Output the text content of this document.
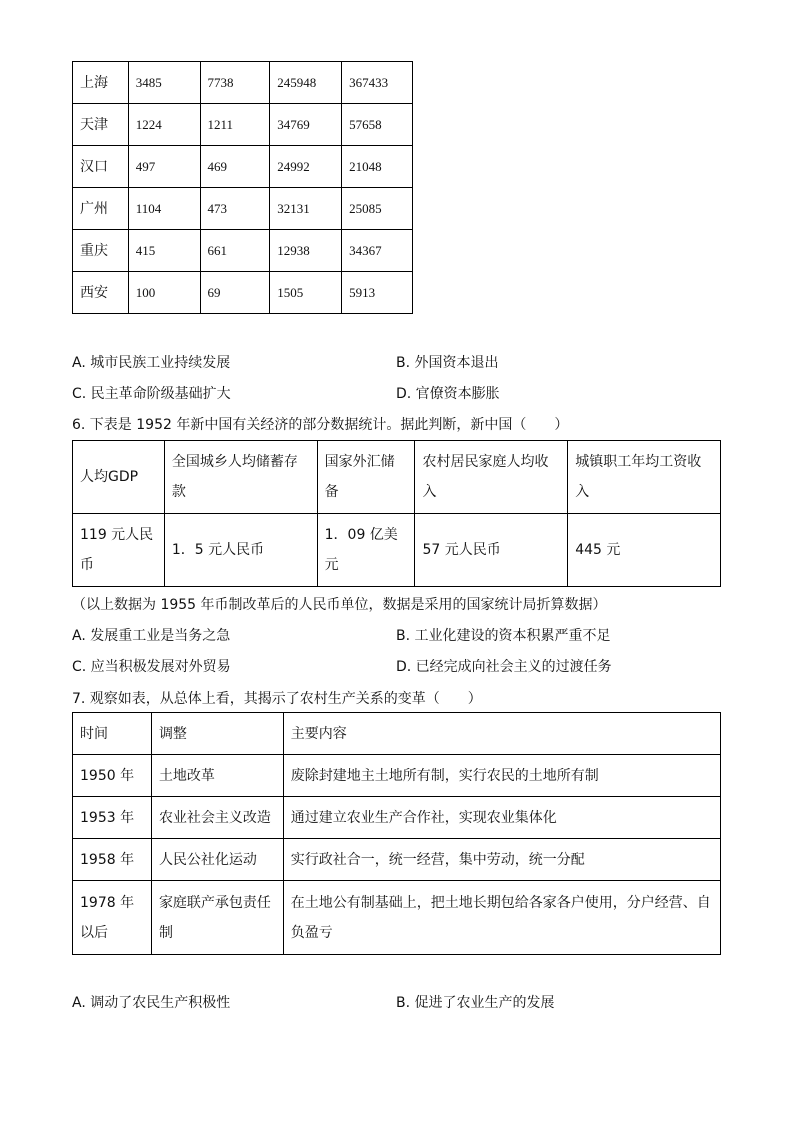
上海	3485	7738	245948	367433
天津	1224	1211	34769	57658
汉口	497	469	24992	21048
广州	1104	473	32131	25085
重庆	415	661	12938	34367
西安	100	69	1505	5913
A. 城市民族工业持续发展	B. 外国资本退出
C. 民主革命阶级基础扩大	D. 官僚资本膨胀
6. 下表是 1952 年新中国有关经济的部分数据统计。据此判断，新中国（　　）
人均GDP	全国城乡人均储蓄存款	国家外汇储备	农村居民家庭人均收入	城镇职工年均工资收入
119 元人民币	1．5 元人民币	1．09 亿美元	57 元人民币	445 元
（以上数据为 1955 年币制改革后的人民币单位，数据是采用的国家统计局折算数据）
A. 发展重工业是当务之急	B. 工业化建设的资本积累严重不足
C. 应当积极发展对外贸易	D. 已经完成向社会主义的过渡任务
7. 观察如表，从总体上看，其揭示了农村生产关系的变革（　　）
时间	调整	主要内容
1950 年	土地改革	废除封建地主土地所有制，实行农民的土地所有制
1953 年	农业社会主义改造	通过建立农业生产合作社，实现农业集体化
1958 年	人民公社化运动	实行政社合一，统一经营，集中劳动，统一分配
1978 年以后	家庭联产承包责任制	在土地公有制基础上，把土地长期包给各家各户使用，分户经营、自负盈亏
A. 调动了农民生产积极性	B. 促进了农业生产的发展
